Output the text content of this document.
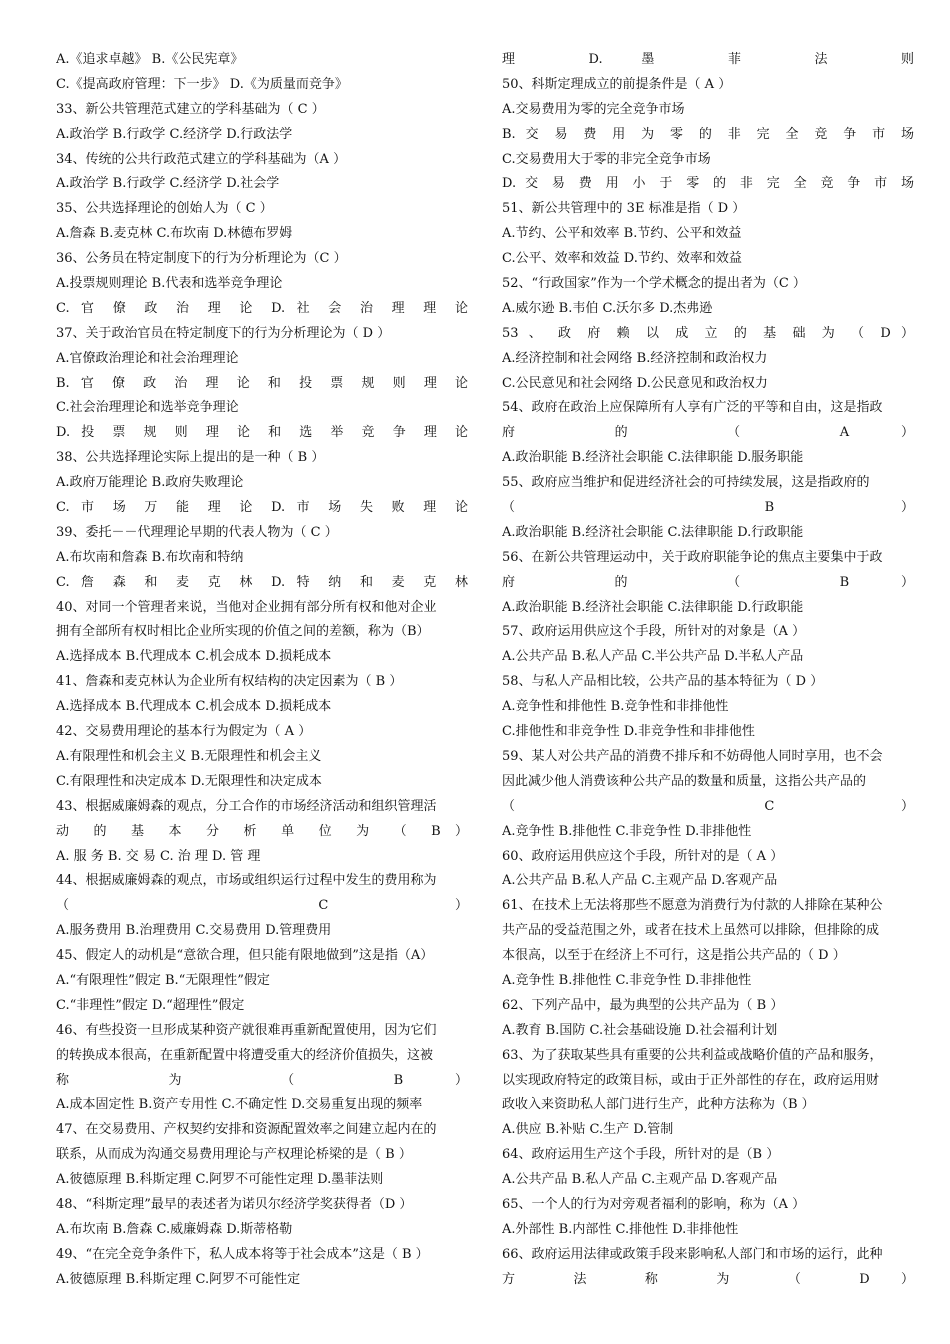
A.《追求卓越》 B.《公民宪章》
C.《提高政府管理：下一步》 D.《为质量而竞争》
33、新公共管理范式建立的学科基础为（ C ）
A.政治学 B.行政学 C.经济学 D.行政法学
34、传统的公共行政范式建立的学科基础为（A ）
A.政治学 B.行政学 C.经济学 D.社会学
35、公共选择理论的创始人为（ C ）
A.詹森 B.麦克林 C.布坎南 D.林德布罗姆
36、公务员在特定制度下的行为分析理论为（C ）
A.投票规则理论 B.代表和选举竞争理论
C. 官 僚 政 治 理 论 D. 社 会 治 理 理 论
37、关于政治官员在特定制度下的行为分析理论为（ D ）
A.官僚政治理论和社会治理理论
B. 官 僚 政 治 理 论 和 投 票 规 则 理 论
C.社会治理理论和选举竞争理论
D. 投 票 规 则 理 论 和 选 举 竞 争 理 论
38、公共选择理论实际上提出的是一种（ B ）
A.政府万能理论 B.政府失败理论
C. 市 场 万 能 理 论 D. 市 场 失 败 理 论
39、委托－－代理理论早期的代表人物为（ C ）
A.布坎南和詹森 B.布坎南和特纳
C. 詹 森 和 麦 克 林 D. 特 纳 和 麦 克 林
40、对同一个管理者来说，当他对企业拥有部分所有权和他对企业
拥有全部所有权时相比企业所实现的价值之间的差额，称为（B）
A.选择成本 B.代理成本 C.机会成本 D.损耗成本
41、詹森和麦克林认为企业所有权结构的决定因素为（ B ）
A.选择成本 B.代理成本 C.机会成本 D.损耗成本
42、交易费用理论的基本行为假定为（ A ）
A.有限理性和机会主义 B.无限理性和机会主义
C.有限理性和决定成本 D.无限理性和决定成本
43、根据威廉姆森的观点，分工合作的市场经济活动和组织管理活
动 的 基 本 分 析 单 位 为 （ B ）
A. 服 务 B. 交 易 C. 治 理 D. 管 理
44、根据威廉姆森的观点，市场或组织运行过程中发生的费用称为
（ C ）
A.服务费用 B.治理费用 C.交易费用 D.管理费用
45、假定人的动机是“意欲合理，但只能有限地做到”这是指（A）
A.“有限理性”假定 B.“无限理性”假定
C.“非理性”假定 D.“超理性”假定
46、有些投资一旦形成某种资产就很难再重新配置使用，因为它们
的转换成本很高，在重新配置中将遭受重大的经济价值损失，这被
称 为 （ B ）
A.成本固定性 B.资产专用性 C.不确定性 D.交易重复出现的频率
47、在交易费用、产权契约安排和资源配置效率之间建立起内在的
联系，从而成为沟通交易费用理论与产权理论桥梁的是（ B ）
A.彼德原理 B.科斯定理 C.阿罗不可能性定理 D.墨菲法则
48、“科斯定理”最早的表述者为诺贝尔经济学奖获得者（D ）
A.布坎南 B.詹森 C.威廉姆森 D.斯蒂格勒
49、“在完全竞争条件下，私人成本将等于社会成本”这是（ B ）
A.彼德原理 B.科斯定理 C.阿罗不可能性定
理 D. 墨 菲 法 则
50、科斯定理成立的前提条件是（ A ）
A.交易费用为零的完全竞争市场
B. 交 易 费 用 为 零 的 非 完 全 竞 争 市 场
C.交易费用大于零的非完全竞争市场
D. 交 易 费 用 小 于 零 的 非 完 全 竞 争 市 场
51、新公共管理中的 3E 标准是指（ D ）
A.节约、公平和效率 B.节约、公平和效益
C.公平、效率和效益 D.节约、效率和效益
52、“行政国家”作为一个学术概念的提出者为（C ）
A.威尔逊 B.韦伯 C.沃尔多 D.杰弗逊
53 、 政 府 赖 以 成 立 的 基 础 为 （ D ）
A.经济控制和社会网络 B.经济控制和政治权力
C.公民意见和社会网络 D.公民意见和政治权力
54、政府在政治上应保障所有人享有广泛的平等和自由，这是指政
府 的 （ A ）
A.政治职能 B.经济社会职能 C.法律职能 D.服务职能
55、政府应当维护和促进经济社会的可持续发展，这是指政府的
（ B ）
A.政治职能 B.经济社会职能 C.法律职能 D.行政职能
56、在新公共管理运动中，关于政府职能争论的焦点主要集中于政
府 的 （ B ）
A.政治职能 B.经济社会职能 C.法律职能 D.行政职能
57、政府运用供应这个手段，所针对的对象是（A ）
A.公共产品 B.私人产品 C.半公共产品 D.半私人产品
58、与私人产品相比较，公共产品的基本特征为（ D ）
A.竞争性和排他性 B.竞争性和非排他性
C.排他性和非竞争性 D.非竞争性和非排他性
59、某人对公共产品的消费不排斥和不妨碍他人同时享用，也不会
因此减少他人消费该种公共产品的数量和质量，这指公共产品的
（ C ）
A.竞争性 B.排他性 C.非竞争性 D.非排他性
60、政府运用供应这个手段，所针对的是（ A ）
A.公共产品 B.私人产品 C.主观产品 D.客观产品
61、在技术上无法将那些不愿意为消费行为付款的人排除在某种公
共产品的受益范围之外，或者在技术上虽然可以排除，但排除的成
本很高，以至于在经济上不可行，这是指公共产品的（ D ）
A.竞争性 B.排他性 C.非竞争性 D.非排他性
62、下列产品中，最为典型的公共产品为（ B ）
A.教育 B.国防 C.社会基础设施 D.社会福利计划
63、为了获取某些具有重要的公共利益或战略价值的产品和服务，
以实现政府特定的政策目标，或由于正外部性的存在，政府运用财
政收入来资助私人部门进行生产，此种方法称为（B ）
A.供应 B.补贴 C.生产 D.管制
64、政府运用生产这个手段，所针对的是（B ）
A.公共产品 B.私人产品 C.主观产品 D.客观产品
65、一个人的行为对旁观者福利的影响，称为（A ）
A.外部性 B.内部性 C.排他性 D.非排他性
66、政府运用法律或政策手段来影响私人部门和市场的运行，此种
方 法 称 为 （ D ）
